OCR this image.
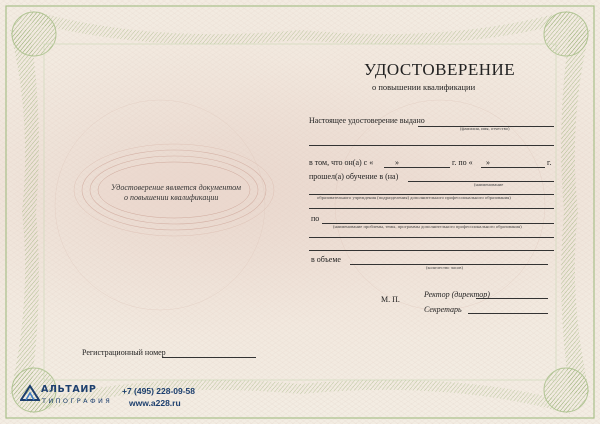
УДОСТОВЕРЕНИЕ
о повышении квалификации
Удостоверение является документом
о повышении квалификации
Настоящее удостоверение выдано
(фамилия, имя, отчество)
в том, что он(а) с «	»	г. по « »	г.
прошел(а) обучение в (на)
(наименование
образовательного учреждения (подразделения) дополнительного профессионального образования)
по
(наименование проблемы, темы, программы дополнительного профессионального образования)
в объеме
(количество часов)
М. П.
Ректор (директор)
Секретарь
Регистрационный номер
АЛЬТАИР
ТИПОГРАФИЯ
+7 (495) 228-09-58
www.a228.ru
